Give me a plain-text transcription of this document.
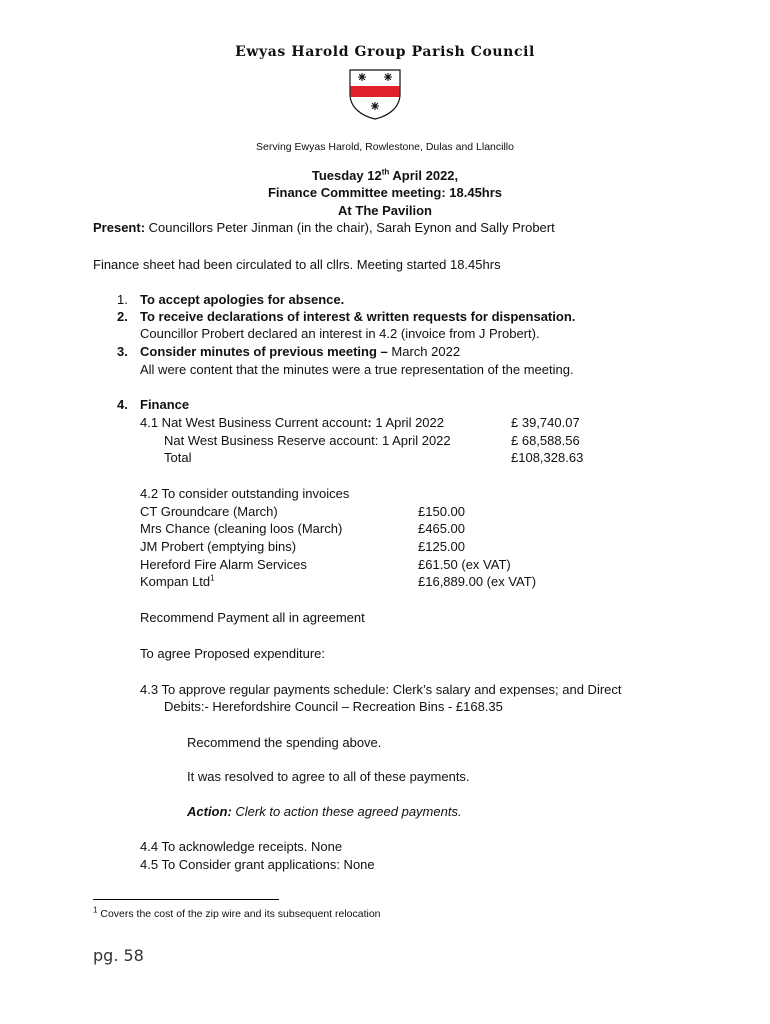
Ewyas Harold Group Parish Council
Serving Ewyas Harold, Rowlestone, Dulas and Llancillo
Tuesday 12th April 2022,
Finance Committee meeting: 18.45hrs
At The Pavilion
Present: Councillors Peter Jinman (in the chair), Sarah Eynon and Sally Probert
Finance sheet had been circulated to all cllrs. Meeting started 18.45hrs
1. To accept apologies for absence.
2. To receive declarations of interest & written requests for dispensation.
Councillor Probert declared an interest in 4.2 (invoice from J Probert).
3. Consider minutes of previous meeting – March 2022
All were content that the minutes were a true representation of the meeting.
4. Finance
4.1 Nat West Business Current account: 1 April 2022	£ 39,740.07
Nat West Business Reserve account: 1 April 2022	£ 68,588.56
Total	£108,328.63
4.2 To consider outstanding invoices
CT Groundcare (March)	£150.00
Mrs Chance (cleaning loos (March)	£465.00
JM Probert (emptying bins)	£125.00
Hereford Fire Alarm Services	£61.50 (ex VAT)
Kompan Ltd$^1$	£16,889.00 (ex VAT)
Recommend Payment all in agreement
To agree Proposed expenditure:
4.3 To approve regular payments schedule: Clerk’s salary and expenses; and Direct
Debits:- Herefordshire Council – Recreation Bins - £168.35
Recommend the spending above.
It was resolved to agree to all of these payments.
Action: Clerk to action these agreed payments.
4.4 To acknowledge receipts. None
4.5 To Consider grant applications: None
$^1$ Covers the cost of the zip wire and its subsequent relocation
pg. 58
